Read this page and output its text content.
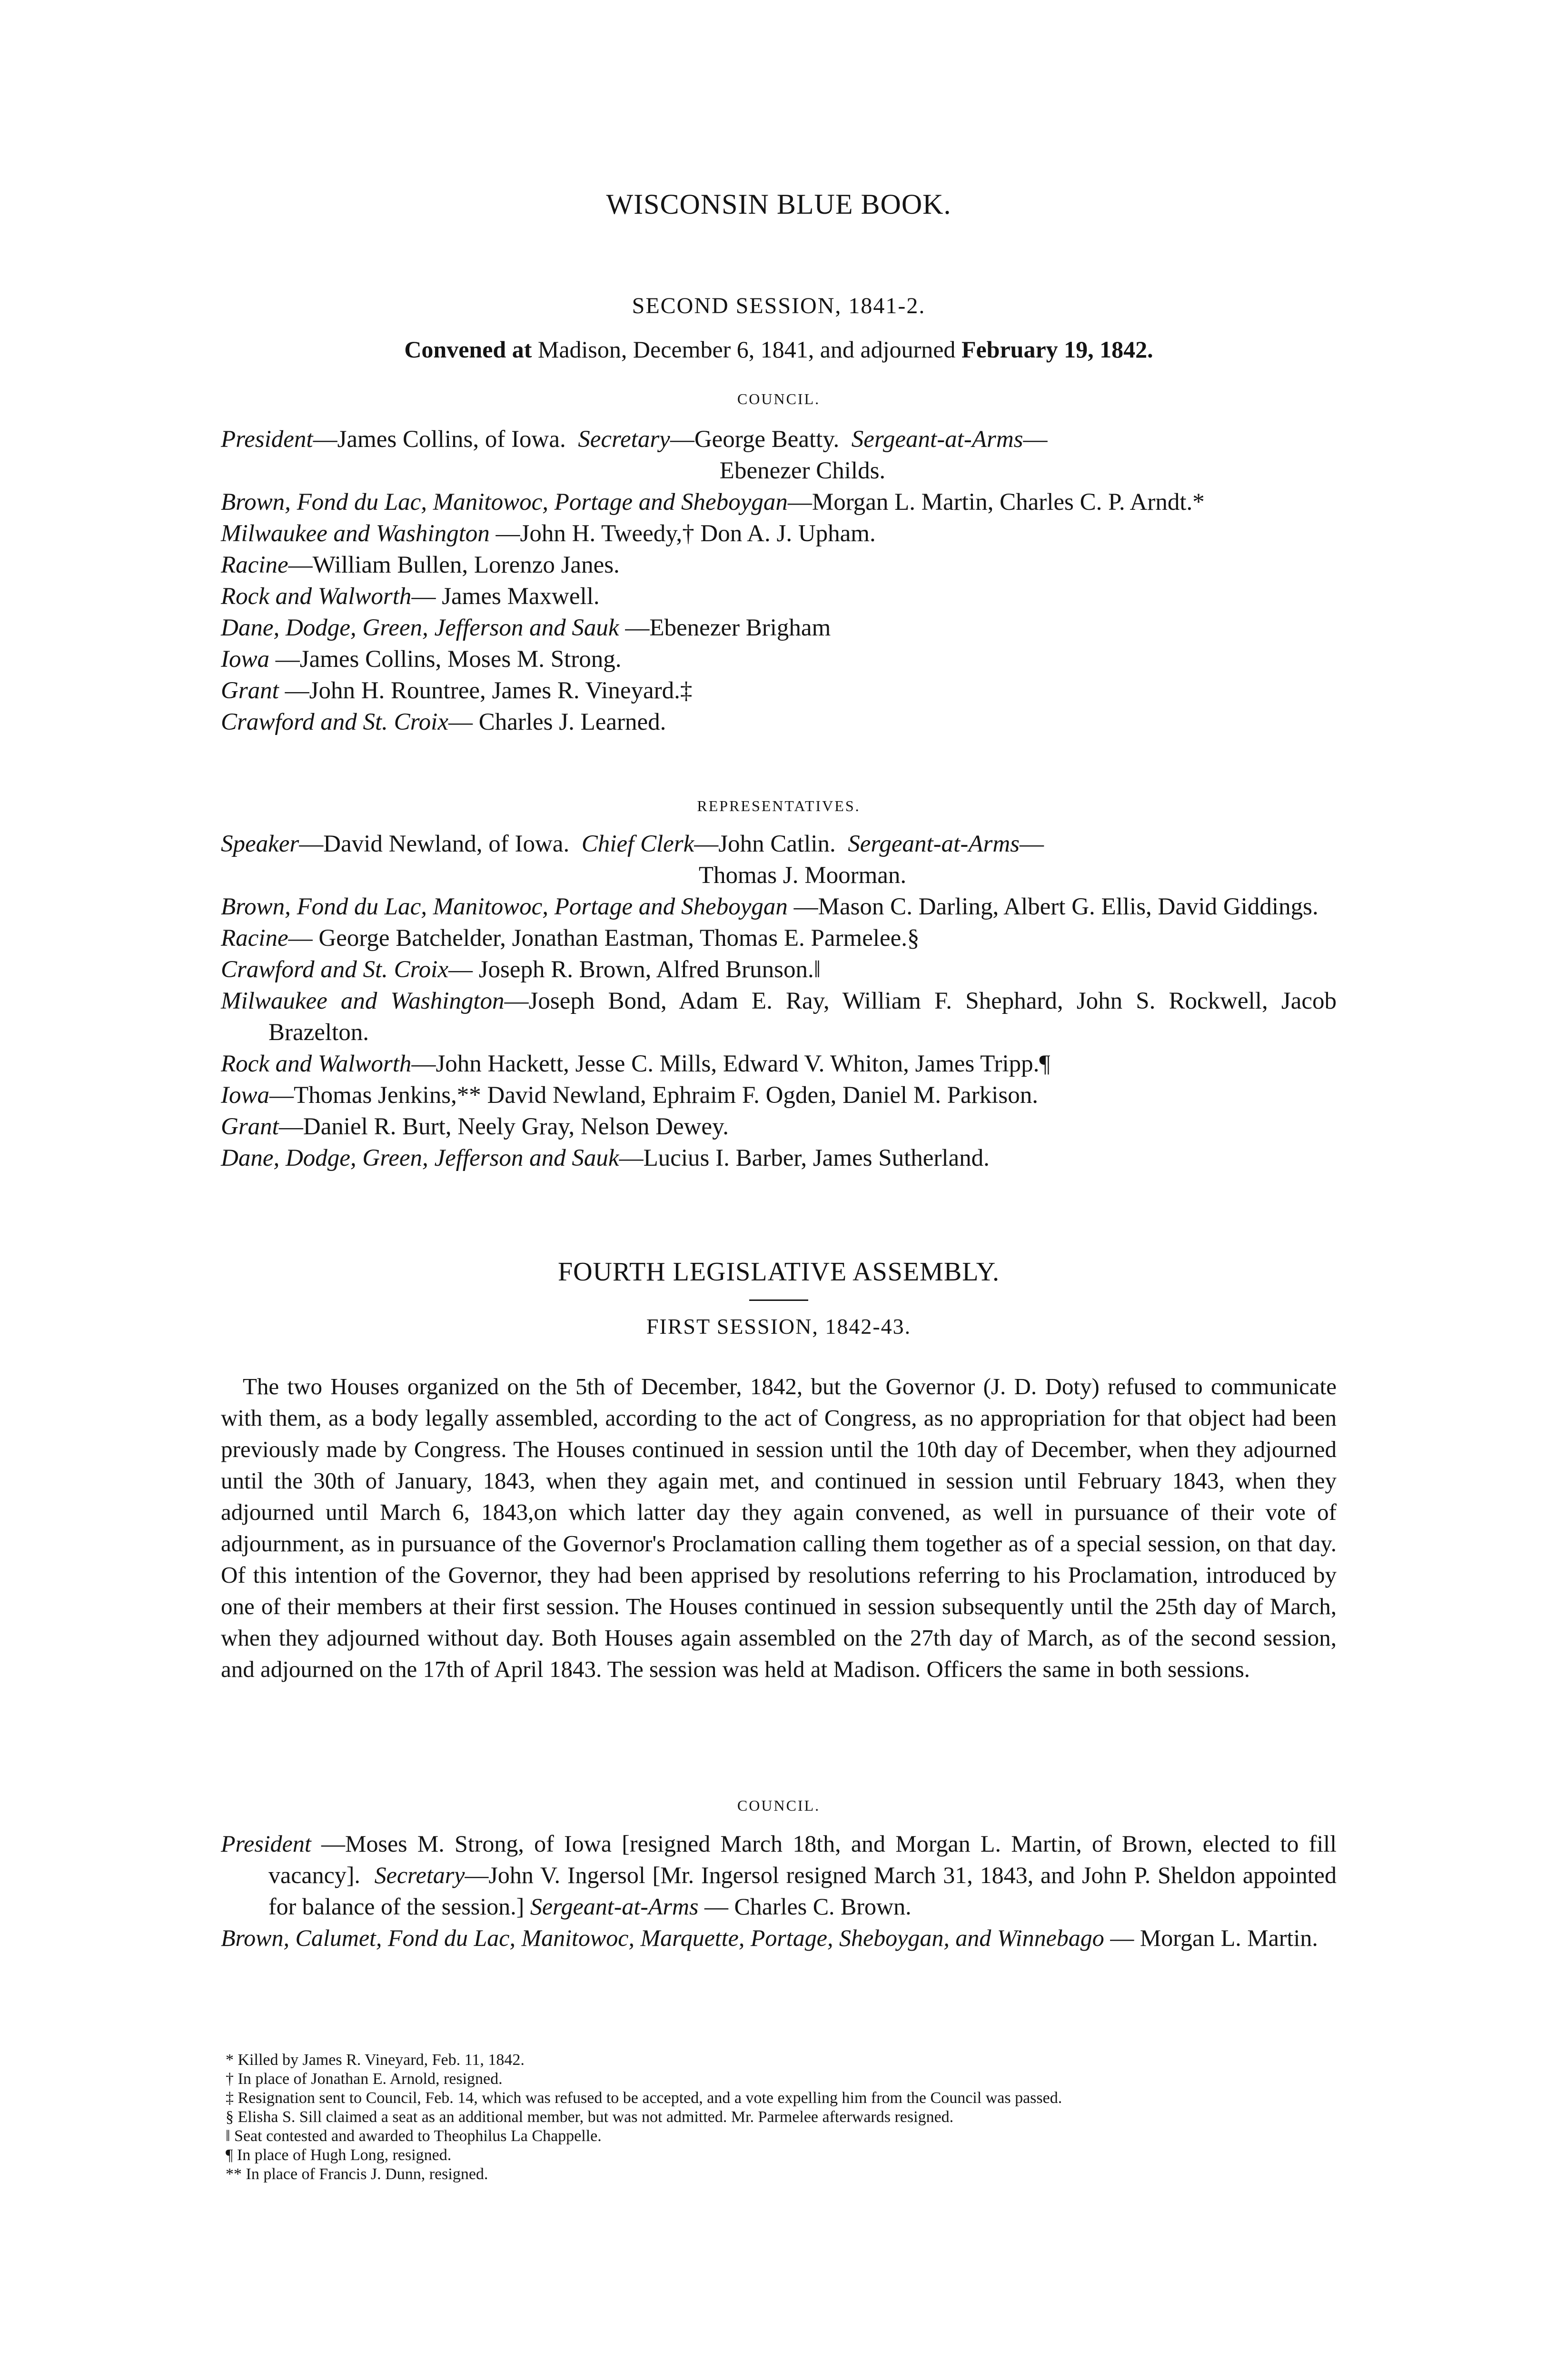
WISCONSIN BLUE BOOK.
SECOND SESSION, 1841-2.
Convened at Madison, December 6, 1841, and adjourned February 19, 1842.
COUNCIL.

President—James Collins, of Iowa. Secretary—George Beatty. Sergeant-at-Arms—
Ebenezer Childs.

Brown, Fond du Lac, Manitowoc, Portage and Sheboygan—Morgan L. Martin, Charles C. P. Arndt.*

Milwaukee and Washington —John H. Tweedy,† Don A. J. Upham.

Racine—William Bullen, Lorenzo Janes.

Rock and Walworth— James Maxwell.

Dane, Dodge, Green, Jefferson and Sauk —Ebenezer Brigham

Iowa —James Collins, Moses M. Strong.

Grant —John H. Rountree, James R. Vineyard.‡

Crawford and St. Croix— Charles J. Learned.

REPRESENTATIVES.

Speaker—David Newland, of Iowa. Chief Clerk—John Catlin. Sergeant-at-Arms—
Thomas J. Moorman.

Brown, Fond du Lac, Manitowoc, Portage and Sheboygan —Mason C. Darling, Albert G. Ellis, David Giddings.

Racine— George Batchelder, Jonathan Eastman, Thomas E. Parmelee.§

Crawford and St. Croix— Joseph R. Brown, Alfred Brunson.‖

Milwaukee and Washington—Joseph Bond, Adam E. Ray, William F. Shephard, John S. Rockwell, Jacob Brazelton.

Rock and Walworth—John Hackett, Jesse C. Mills, Edward V. Whiton, James Tripp.¶

Iowa—Thomas Jenkins,** David Newland, Ephraim F. Ogden, Daniel M. Parkison.

Grant—Daniel R. Burt, Neely Gray, Nelson Dewey.

Dane, Dodge, Green, Jefferson and Sauk—Lucius I. Barber, James Sutherland.

FOURTH LEGISLATIVE ASSEMBLY.
FIRST SESSION, 1842-43.
The two Houses organized on the 5th of December, 1842, but the Governor (J. D. Doty) refused to communicate with them, as a body legally assembled, according to the act of Congress, as no appropriation for that object had been previously made by Congress. The Houses continued in session until the 10th day of December, when they adjourned until the 30th of January, 1843, when they again met, and continued in session until February 1843, when they adjourned until March 6, 1843,on which latter day they again convened, as well in pursuance of their vote of adjournment, as in pursuance of the Governor's Proclamation calling them together as of a special session, on that day. Of this intention of the Governor, they had been apprised by resolutions referring to his Proclamation, introduced by one of their members at their first session. The Houses continued in session subsequently until the 25th day of March, when they adjourned without day. Both Houses again assembled on the 27th day of March, as of the second session, and adjourned on the 17th of April 1843. The session was held at Madison. Officers the same in both sessions.
COUNCIL.

President —Moses M. Strong, of Iowa [resigned March 18th, and Morgan L. Martin, of Brown, elected to fill vacancy]. Secretary—John V. Ingersol [Mr. Ingersol resigned March 31, 1843, and John P. Sheldon appointed for balance of the session.] Sergeant-at-Arms — Charles C. Brown.

Brown, Calumet, Fond du Lac, Manitowoc, Marquette, Portage, Sheboygan, and Winnebago — Morgan L. Martin.

* Killed by James R. Vineyard, Feb. 11, 1842.

† In place of Jonathan E. Arnold, resigned.

‡ Resignation sent to Council, Feb. 14, which was refused to be accepted, and a vote expelling him from the Council was passed.

§ Elisha S. Sill claimed a seat as an additional member, but was not admitted. Mr. Parmelee afterwards resigned.

‖ Seat contested and awarded to Theophilus La Chappelle.

¶ In place of Hugh Long, resigned.

** In place of Francis J. Dunn, resigned.
